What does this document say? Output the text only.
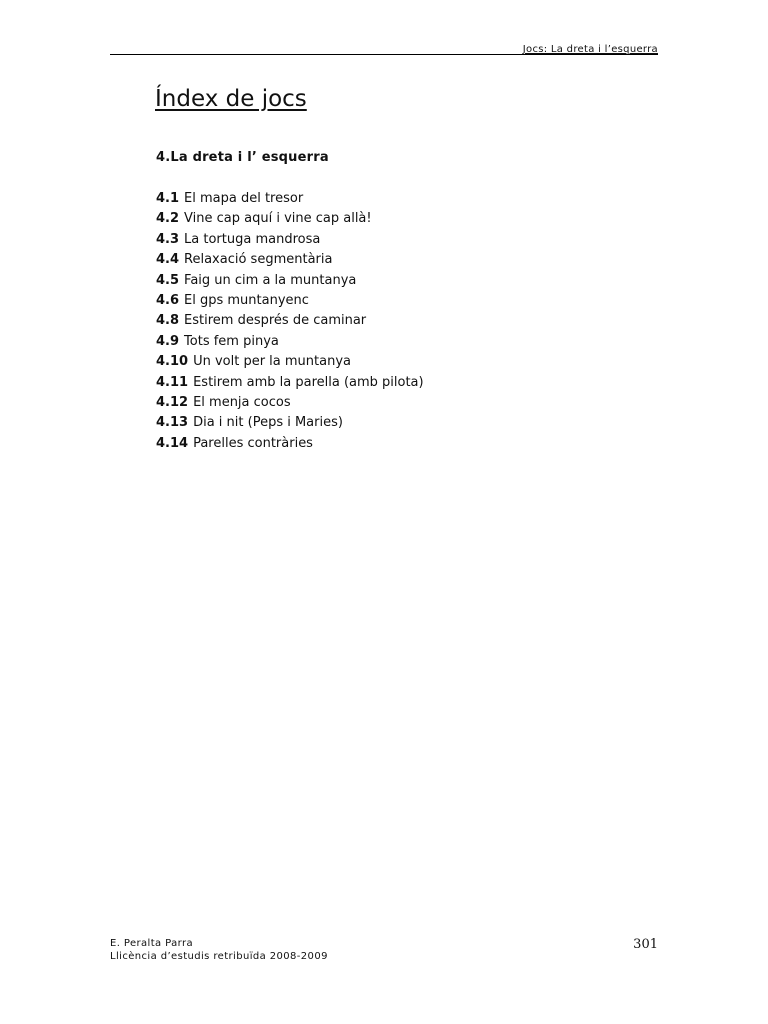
Jocs: La dreta i l’esquerra
Índex de jocs
4.La dreta i l’ esquerra
4.1 El mapa del tresor
4.2 Vine cap aquí i vine cap allà!
4.3 La tortuga mandrosa
4.4 Relaxació segmentària
4.5 Faig un cim a la muntanya
4.6 El gps muntanyenc
4.8 Estirem després de caminar
4.9 Tots fem pinya
4.10 Un volt per la muntanya
4.11 Estirem amb la parella (amb pilota)
4.12 El menja cocos
4.13 Dia i nit (Peps i Maries)
4.14 Parelles contràries
E. Peralta Parra
Llicència d’estudis retribuïda 2008-2009
301
